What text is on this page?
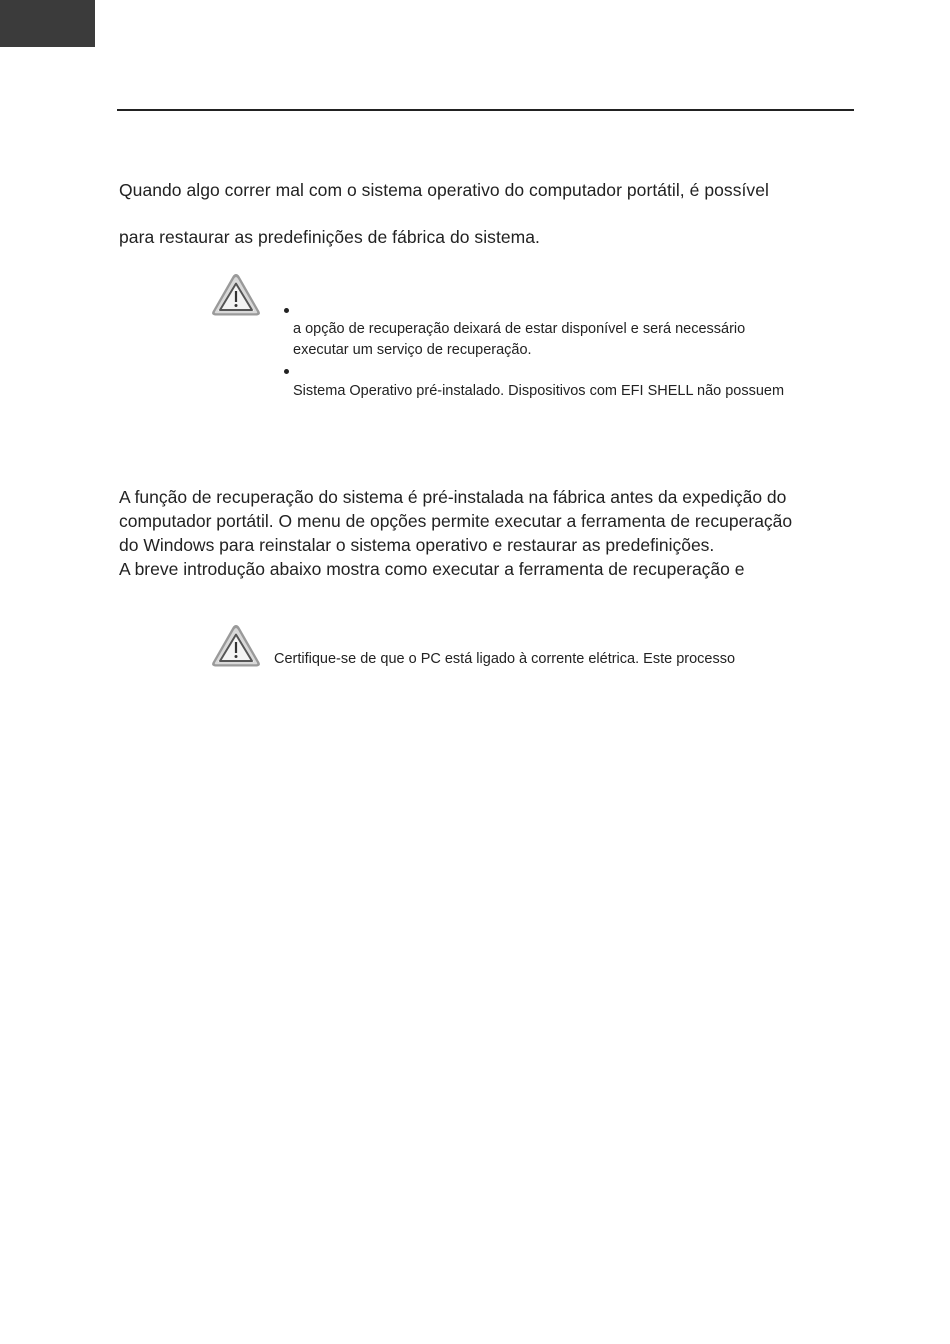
Quando algo correr mal com o sistema operativo do computador portátil, é possível

para restaurar as predefinições de fábrica do sistema.

a opção de recuperação deixará de estar disponível e será necessário

executar um serviço de recuperação.

Sistema Operativo pré-instalado. Dispositivos com EFI SHELL não possuem

A função de recuperação do sistema é pré-instalada na fábrica antes da expedição do
computador portátil. O menu de opções permite executar a ferramenta de recuperação
do Windows para reinstalar o sistema operativo e restaurar as predefinições.
A breve introdução abaixo mostra como executar a ferramenta de recuperação e

Certifique-se de que o PC está ligado à corrente elétrica. Este processo
